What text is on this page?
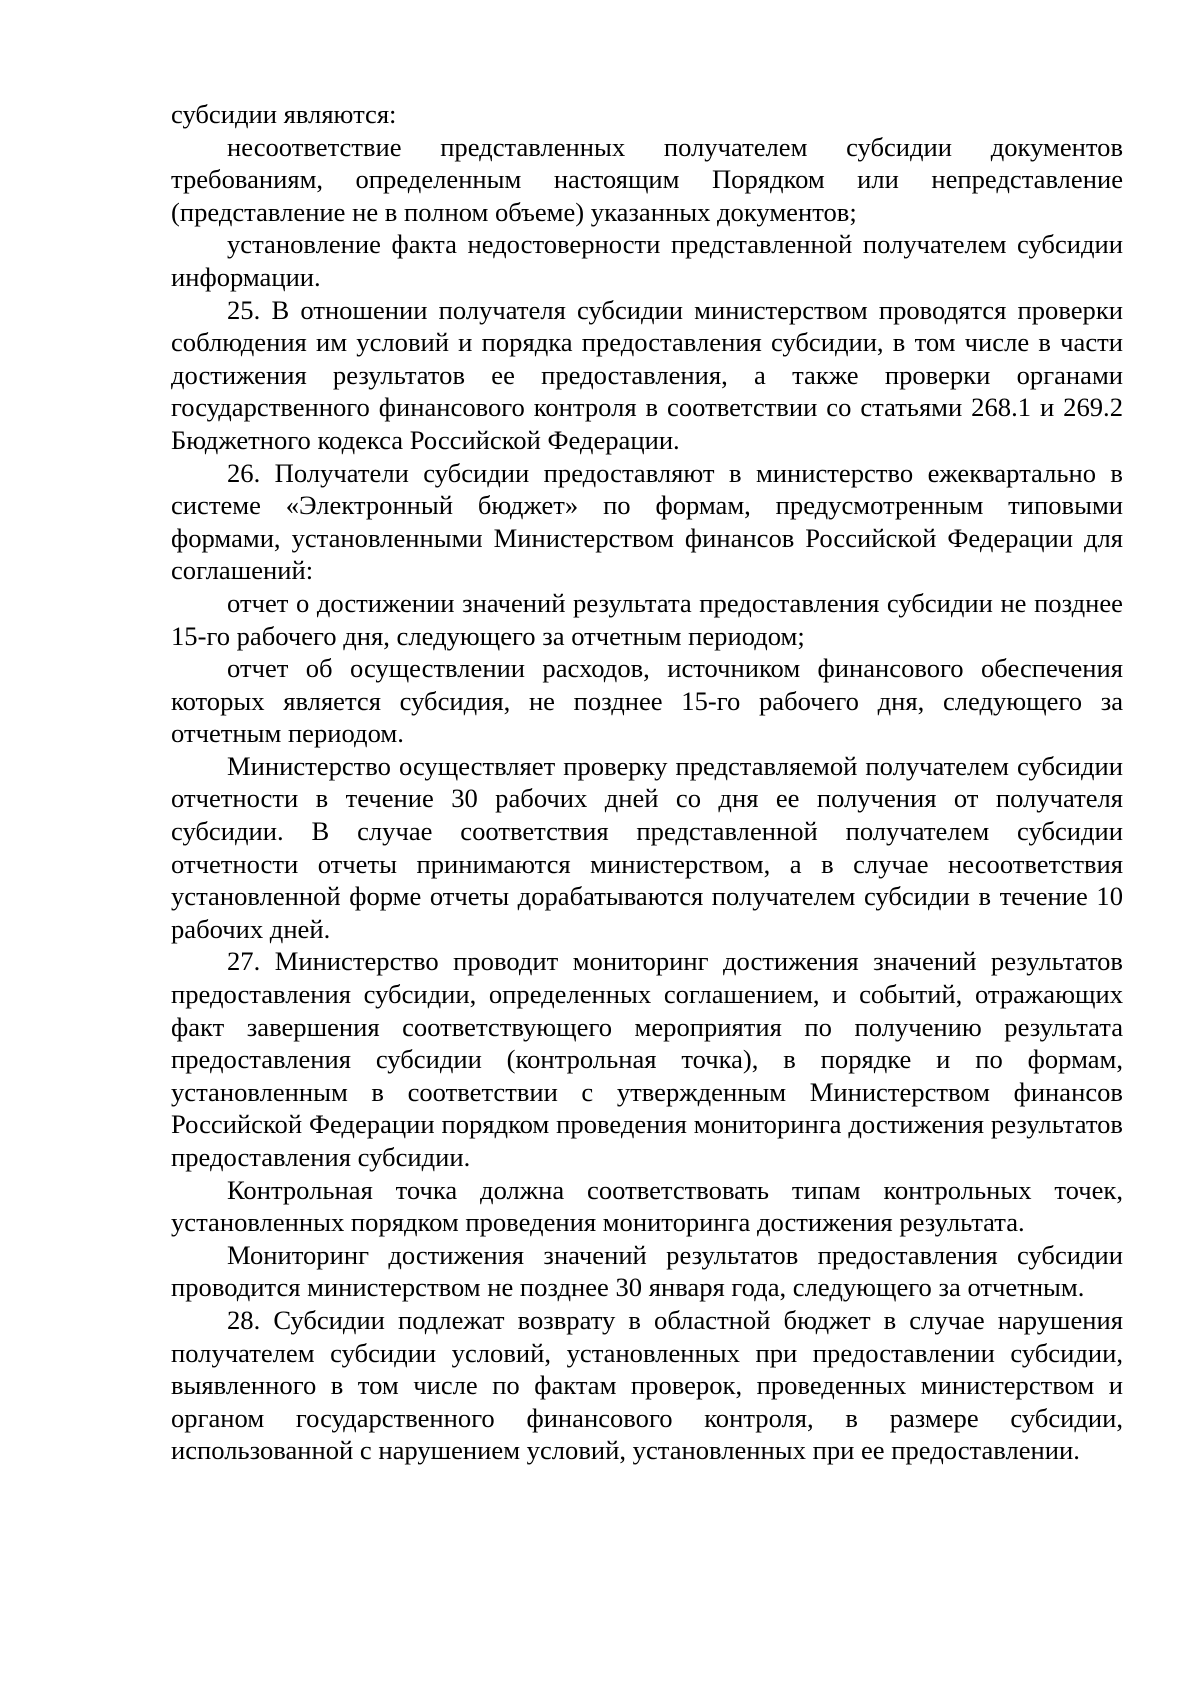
субсидии являются:

несоответствие представленных получателем субсидии документов требованиям, определенным настоящим Порядком или непредставление (представление не в полном объеме) указанных документов;

установление факта недостоверности представленной получателем субсидии информации.

25. В отношении получателя субсидии министерством проводятся проверки соблюдения им условий и порядка предоставления субсидии, в том числе в части достижения результатов ее предоставления, а также проверки органами государственного финансового контроля в соответствии со статьями 268.1 и 269.2 Бюджетного кодекса Российской Федерации.

26. Получатели субсидии предоставляют в министерство ежеквартально в системе «Электронный бюджет» по формам, предусмотренным типовыми формами, установленными Министерством финансов Российской Федерации для соглашений:

отчет о достижении значений результата предоставления субсидии не позднее 15-го рабочего дня, следующего за отчетным периодом;

отчет об осуществлении расходов, источником финансового обеспечения которых является субсидия, не позднее 15-го рабочего дня, следующего за отчетным периодом.

Министерство осуществляет проверку представляемой получателем субсидии отчетности в течение 30 рабочих дней со дня ее получения от получателя субсидии. В случае соответствия представленной получателем субсидии отчетности отчеты принимаются министерством, а в случае несоответствия установленной форме отчеты дорабатываются получателем субсидии в течение 10 рабочих дней.

27. Министерство проводит мониторинг достижения значений результатов предоставления субсидии, определенных соглашением, и событий, отражающих факт завершения соответствующего мероприятия по получению результата предоставления субсидии (контрольная точка), в порядке и по формам, установленным в соответствии с утвержденным Министерством финансов Российской Федерации порядком проведения мониторинга достижения результатов предоставления субсидии.

Контрольная точка должна соответствовать типам контрольных точек, установленных порядком проведения мониторинга достижения результата.

Мониторинг достижения значений результатов предоставления субсидии проводится министерством не позднее 30 января года, следующего за отчетным.

28. Субсидии подлежат возврату в областной бюджет в случае нарушения получателем субсидии условий, установленных при предоставлении субсидии, выявленного в том числе по фактам проверок, проведенных министерством и органом государственного финансового контроля, в размере субсидии, использованной с нарушением условий, установленных при ее предоставлении.
